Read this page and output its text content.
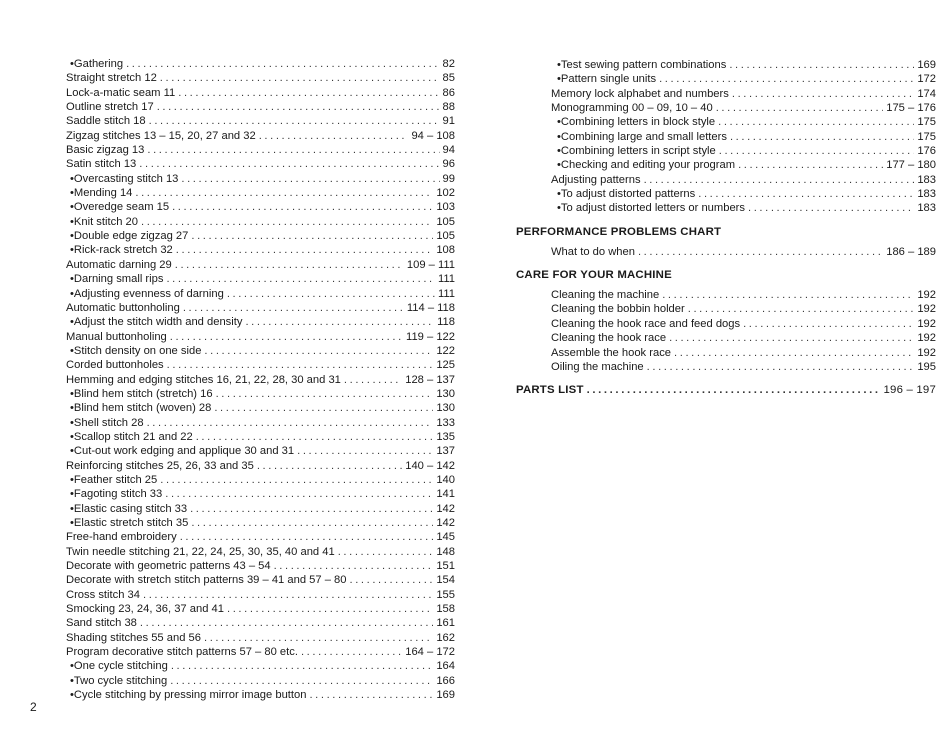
• Gathering .....	82
Straight stretch 12 .....	85
Lock-a-matic seam 11 .....	86
Outline stretch 17 .....	88
Saddle stitch 18 .....	91
Zigzag stitches 13 – 15, 20, 27 and 32 .....	94 – 108
Basic zigzag 13 .....	94
Satin stitch 13 .....	96
• Overcasting stitch 13 .....	99
• Mending 14 .....	102
• Overedge seam 15 .....	103
• Knit stitch 20 .....	105
• Double edge zigzag 27 .....	105
• Rick-rack stretch 32 .....	108
Automatic darning 29 .....	109 – 111
• Darning small rips .....	111
• Adjusting evenness of darning .....	111
Automatic buttonholing .....	114 – 118
• Adjust the stitch width and density .....	118
Manual buttonholing .....	119 – 122
• Stitch density on one side .....	122
Corded buttonholes .....	125
Hemming and edging stitches 16, 21, 22, 28, 30 and 31 .....	128 – 137
• Blind hem stitch (stretch) 16 .....	130
• Blind hem stitch (woven) 28 .....	130
• Shell stitch 28 .....	133
• Scallop stitch 21 and 22 .....	135
• Cut-out work edging and applique 30 and 31 .....	137
Reinforcing stitches 25, 26, 33 and 35 .....	140 – 142
• Feather stitch 25 .....	140
• Fagoting stitch 33 .....	141
• Elastic casing stitch 33 .....	142
• Elastic stretch stitch 35 .....	142
Free-hand embroidery .....	145
Twin needle stitching 21, 22, 24, 25, 30, 35, 40 and 41 .....	148
Decorate with geometric patterns 43 – 54 .....	151
Decorate with stretch stitch patterns 39 – 41 and 57 – 80 .....	154
Cross stitch 34 .....	155
Smocking 23, 24, 36, 37 and 41 .....	158
Sand stitch 38 .....	161
Shading stitches 55 and 56 .....	162
Program decorative stitch patterns 57 – 80 etc. .....	164 – 172
• One cycle stitching .....	164
• Two cycle stitching .....	166
• Cycle stitching by pressing mirror image button .....	169
• Test sewing pattern combinations .....	169
• Pattern single units .....	172
Memory lock alphabet and numbers .....	174
Monogramming 00 – 09, 10 – 40 .....	175 – 176
• Combining letters in block style .....	175
• Combining large and small letters .....	175
• Combining letters in script style .....	176
• Checking and editing your program .....	177 – 180
Adjusting patterns .....	183
• To adjust distorted patterns .....	183
• To adjust distorted letters or numbers .....	183
PERFORMANCE PROBLEMS CHART
What to do when .....	186 – 189
CARE FOR YOUR MACHINE
Cleaning the machine .....	192
Cleaning the bobbin holder .....	192
Cleaning the hook race and feed dogs .....	192
Cleaning the hook race .....	192
Assemble the hook race .....	192
Oiling the machine .....	195
PARTS LIST .....	196 – 197
2
